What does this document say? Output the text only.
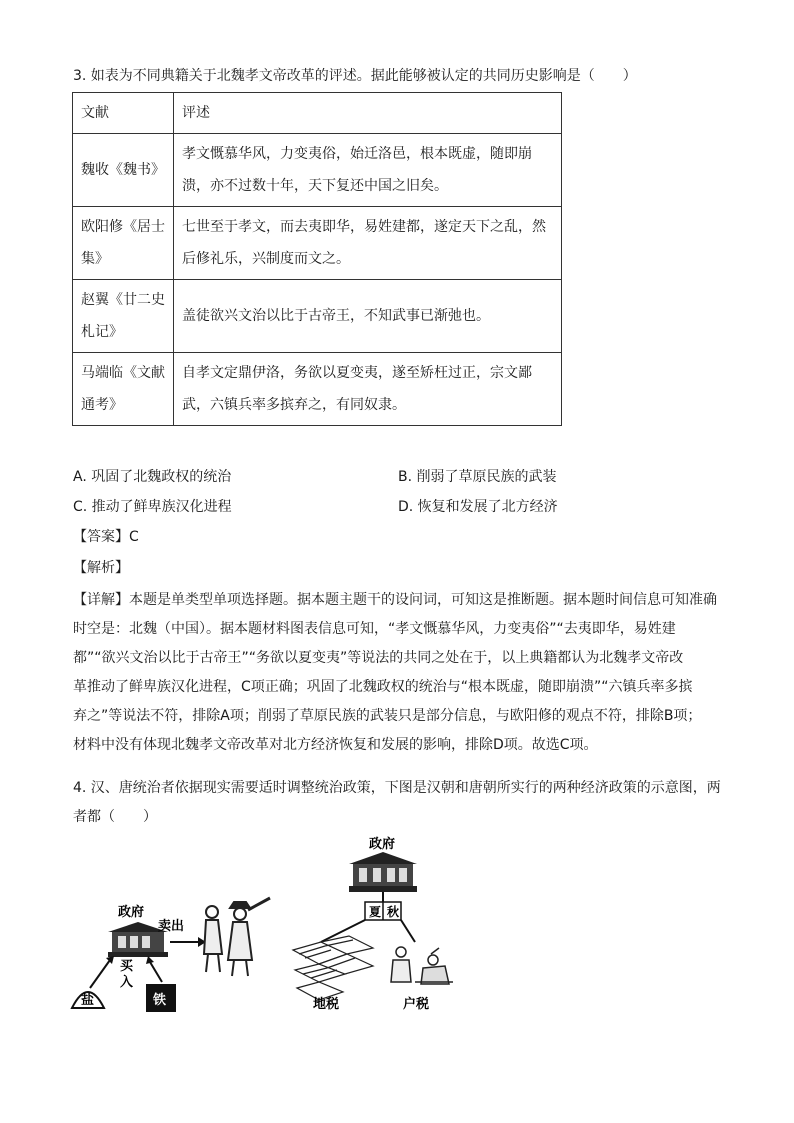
3. 如表为不同典籍关于北魏孝文帝改革的评述。据此能够被认定的共同历史影响是（　　）
文献	评述

魏收《魏书》	孝文慨慕华风，力变夷俗，始迁洛邑，根本既虚，随即崩
溃，亦不过数十年，天下复还中国之旧矣。

欧阳修《居士
集》	七世至于孝文，而去夷即华，易姓建都，遂定天下之乱，然
后修礼乐，兴制度而文之。

赵翼《廿二史
札记》	盖徒欲兴文治以比于古帝王，不知武事已渐弛也。

马端临《文献
通考》	自孝文定鼎伊洛，务欲以夏变夷，遂至矫枉过正，宗文鄙
武，六镇兵率多摈弃之，有同奴隶。
A. 巩固了北魏政权的统治	B. 削弱了草原民族的武装
C. 推动了鲜卑族汉化进程	D. 恢复和发展了北方经济
【答案】C
【解析】
【详解】本题是单类型单项选择题。据本题主题干的设问词，可知这是推断题。据本题时间信息可知准确
时空是：北魏（中国）。据本题材料图表信息可知，“孝文慨慕华风，力变夷俗”“去夷即华，易姓建
都”“欲兴文治以比于古帝王”“务欲以夏变夷”等说法的共同之处在于，以上典籍都认为北魏孝文帝改
革推动了鲜卑族汉化进程，C项正确；巩固了北魏政权的统治与“根本既虚，随即崩溃”“六镇兵率多摈
弃之”等说法不符，排除A项；削弱了草原民族的武装只是部分信息，与欧阳修的观点不符，排除B项；
材料中没有体现北魏孝文帝改革对北方经济恢复和发展的影响，排除D项。故选C项。
4. 汉、唐统治者依据现实需要适时调整统治政策，下图是汉朝和唐朝所实行的两种经济政策的示意图，两
者都（　　）
政府
卖出
买
入
盐	铁
政府
夏 秋
地税	户税
